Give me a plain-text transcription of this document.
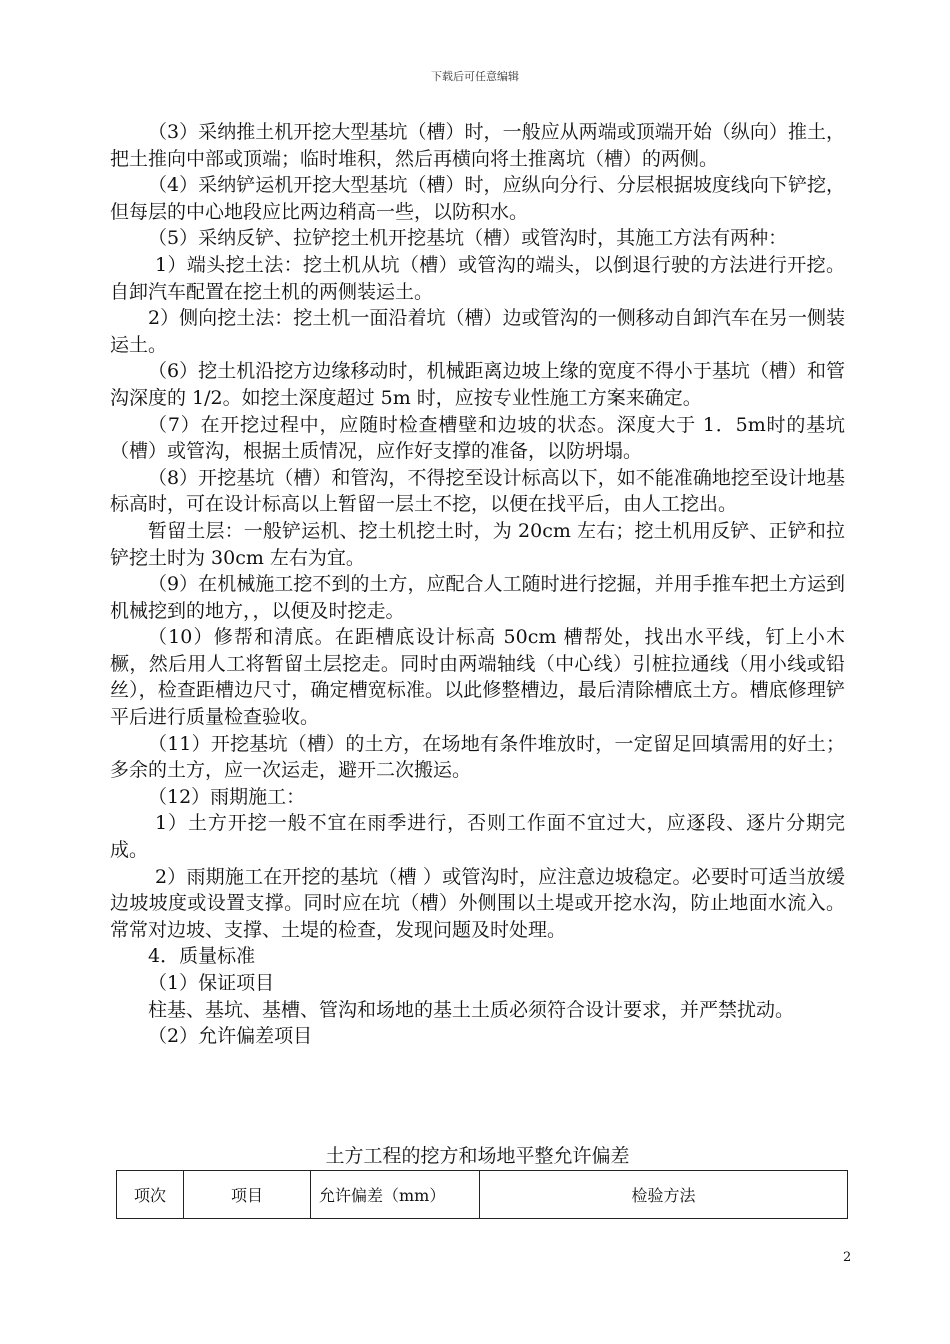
下载后可任意编辑

（3）采纳推土机开挖大型基坑（槽）时，一般应从两端或顶端开始（纵向）推土，把土推向中部或顶端；临时堆积，然后再横向将土推离坑（槽）的两侧。

（4）采纳铲运机开挖大型基坑（槽）时，应纵向分行、分层根据坡度线向下铲挖，但每层的中心地段应比两边稍高一些，以防积水。

（5）采纳反铲、拉铲挖土机开挖基坑（槽）或管沟时，其施工方法有两种：

1）端头挖土法：挖土机从坑（槽）或管沟的端头，以倒退行驶的方法进行开挖。自卸汽车配置在挖土机的两侧装运土。

2）侧向挖土法：挖土机一面沿着坑（槽）边或管沟的一侧移动自卸汽车在另一侧装运土。

（6）挖土机沿挖方边缘移动时，机械距离边坡上缘的宽度不得小于基坑（槽）和管沟深度的 1/2。如挖土深度超过 5m 时，应按专业性施工方案来确定。

（7）在开挖过程中，应随时检查槽壁和边坡的状态。深度大于 1．5m时的基坑（槽）或管沟，根据土质情况，应作好支撑的准备，以防坍塌。

（8）开挖基坑（槽）和管沟，不得挖至设计标高以下，如不能准确地挖至设计地基标高时，可在设计标高以上暂留一层土不挖，以便在找平后，由人工挖出。

暂留土层：一般铲运机、挖土机挖土时，为 20cm 左右；挖土机用反铲、正铲和拉铲挖土时为 30cm 左右为宜。

（9）在机械施工挖不到的土方，应配合人工随时进行挖掘，并用手推车把土方运到机械挖到的地方，，以便及时挖走。

（10）修帮和清底。在距槽底设计标高 50cm 槽帮处，找出水平线，钉上小木橛，然后用人工将暂留土层挖走。同时由两端轴线（中心线）引桩拉通线（用小线或铅丝），检查距槽边尺寸，确定槽宽标准。以此修整槽边，最后清除槽底土方。槽底修理铲平后进行质量检查验收。

（11）开挖基坑（槽）的土方，在场地有条件堆放时，一定留足回填需用的好土；多余的土方，应一次运走，避开二次搬运。

（12）雨期施工：

1）土方开挖一般不宜在雨季进行，否则工作面不宜过大，应逐段、逐片分期完成。

2）雨期施工在开挖的基坑（槽 ）或管沟时，应注意边坡稳定。必要时可适当放缓边坡坡度或设置支撑。同时应在坑（槽）外侧围以土堤或开挖水沟，防止地面水流入。常常对边坡、支撑、土堤的检查，发现问题及时处理。

4．质量标准

（1）保证项目

柱基、基坑、基槽、管沟和场地的基土土质必须符合设计要求，并严禁扰动。

（2）允许偏差项目

土方工程的挖方和场地平整允许偏差
项次	项目	允许偏差（mm）	检验方法
2
